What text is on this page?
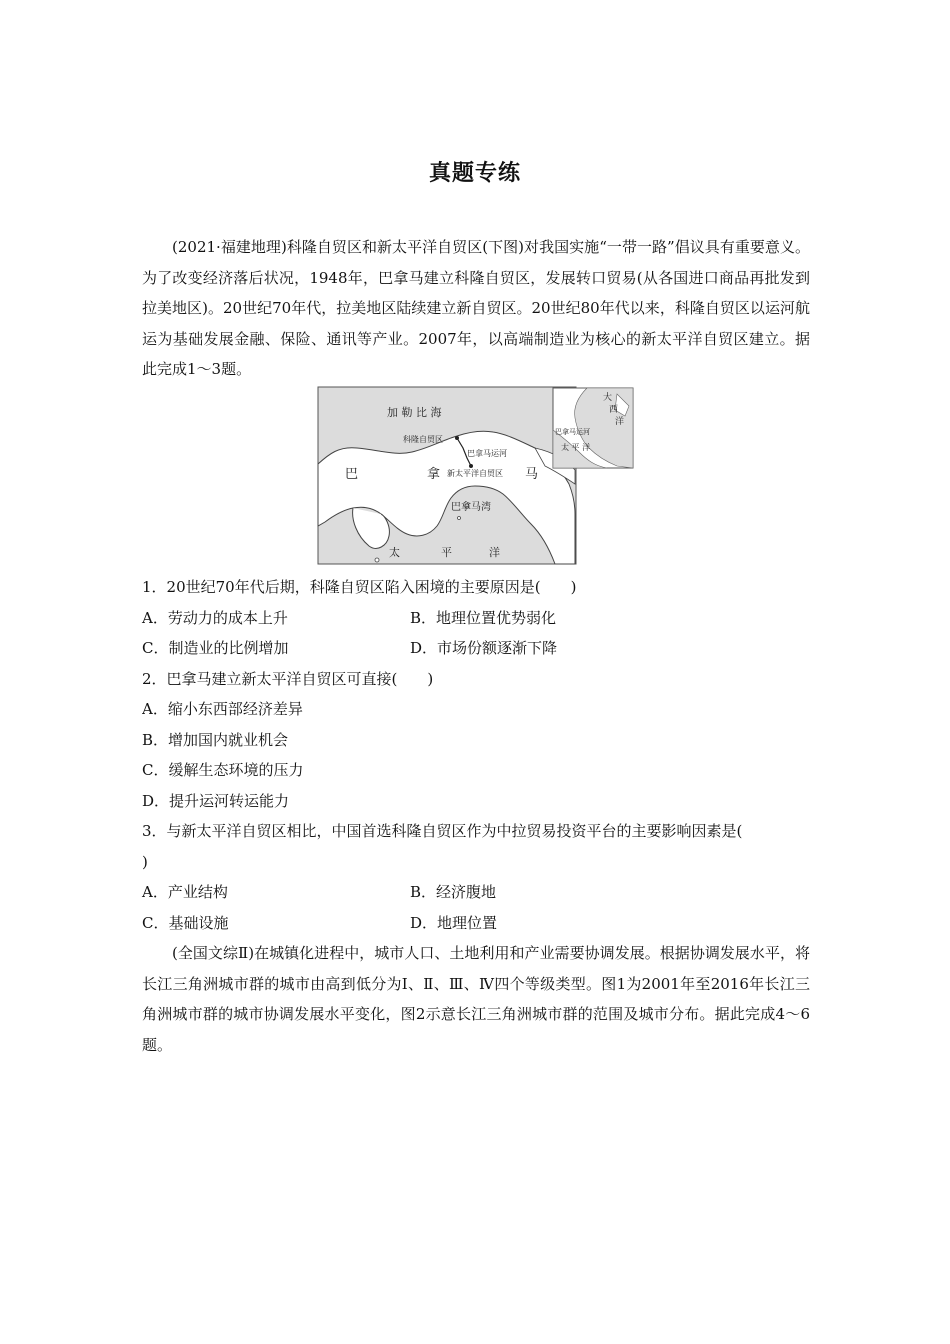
真题专练

(2021·福建地理)科隆自贸区和新太平洋自贸区(下图)对我国实施“一带一路”倡议具有重要意义。为了改变经济落后状况，1948年，巴拿马建立科隆自贸区，发展转口贸易(从各国进口商品再批发到拉美地区)。20世纪70年代，拉美地区陆续建立新自贸区。20世纪80年代以来，科隆自贸区以运河航运为基础发展金融、保险、通讯等产业。2007年，以高端制造业为核心的新太平洋自贸区建立。据此完成1～3题。

加 勒 比 海
科隆自贸区
巴拿马运河
新太平洋自贸区
巴	拿	马
巴拿马湾
太	平	洋
大
西
洋
巴拿马运河
太 平 洋
1．20世纪70年代后期，科隆自贸区陷入困境的主要原因是(　　)
A．劳动力的成本上升	B．地理位置优势弱化
C．制造业的比例增加	D．市场份额逐渐下降
2．巴拿马建立新太平洋自贸区可直接(　　)
A．缩小东西部经济差异
B．增加国内就业机会
C．缓解生态环境的压力
D．提升运河转运能力
3．与新太平洋自贸区相比，中国首选科隆自贸区作为中拉贸易投资平台的主要影响因素是(
)
A．产业结构	B．经济腹地
C．基础设施	D．地理位置

(全国文综Ⅱ)在城镇化进程中，城市人口、土地利用和产业需要协调发展。根据协调发展水平，将长江三角洲城市群的城市由高到低分为Ⅰ、Ⅱ、Ⅲ、Ⅳ四个等级类型。图1为2001年至2016年长江三角洲城市群的城市协调发展水平变化，图2示意长江三角洲城市群的范围及城市分布。据此完成4～6题。
